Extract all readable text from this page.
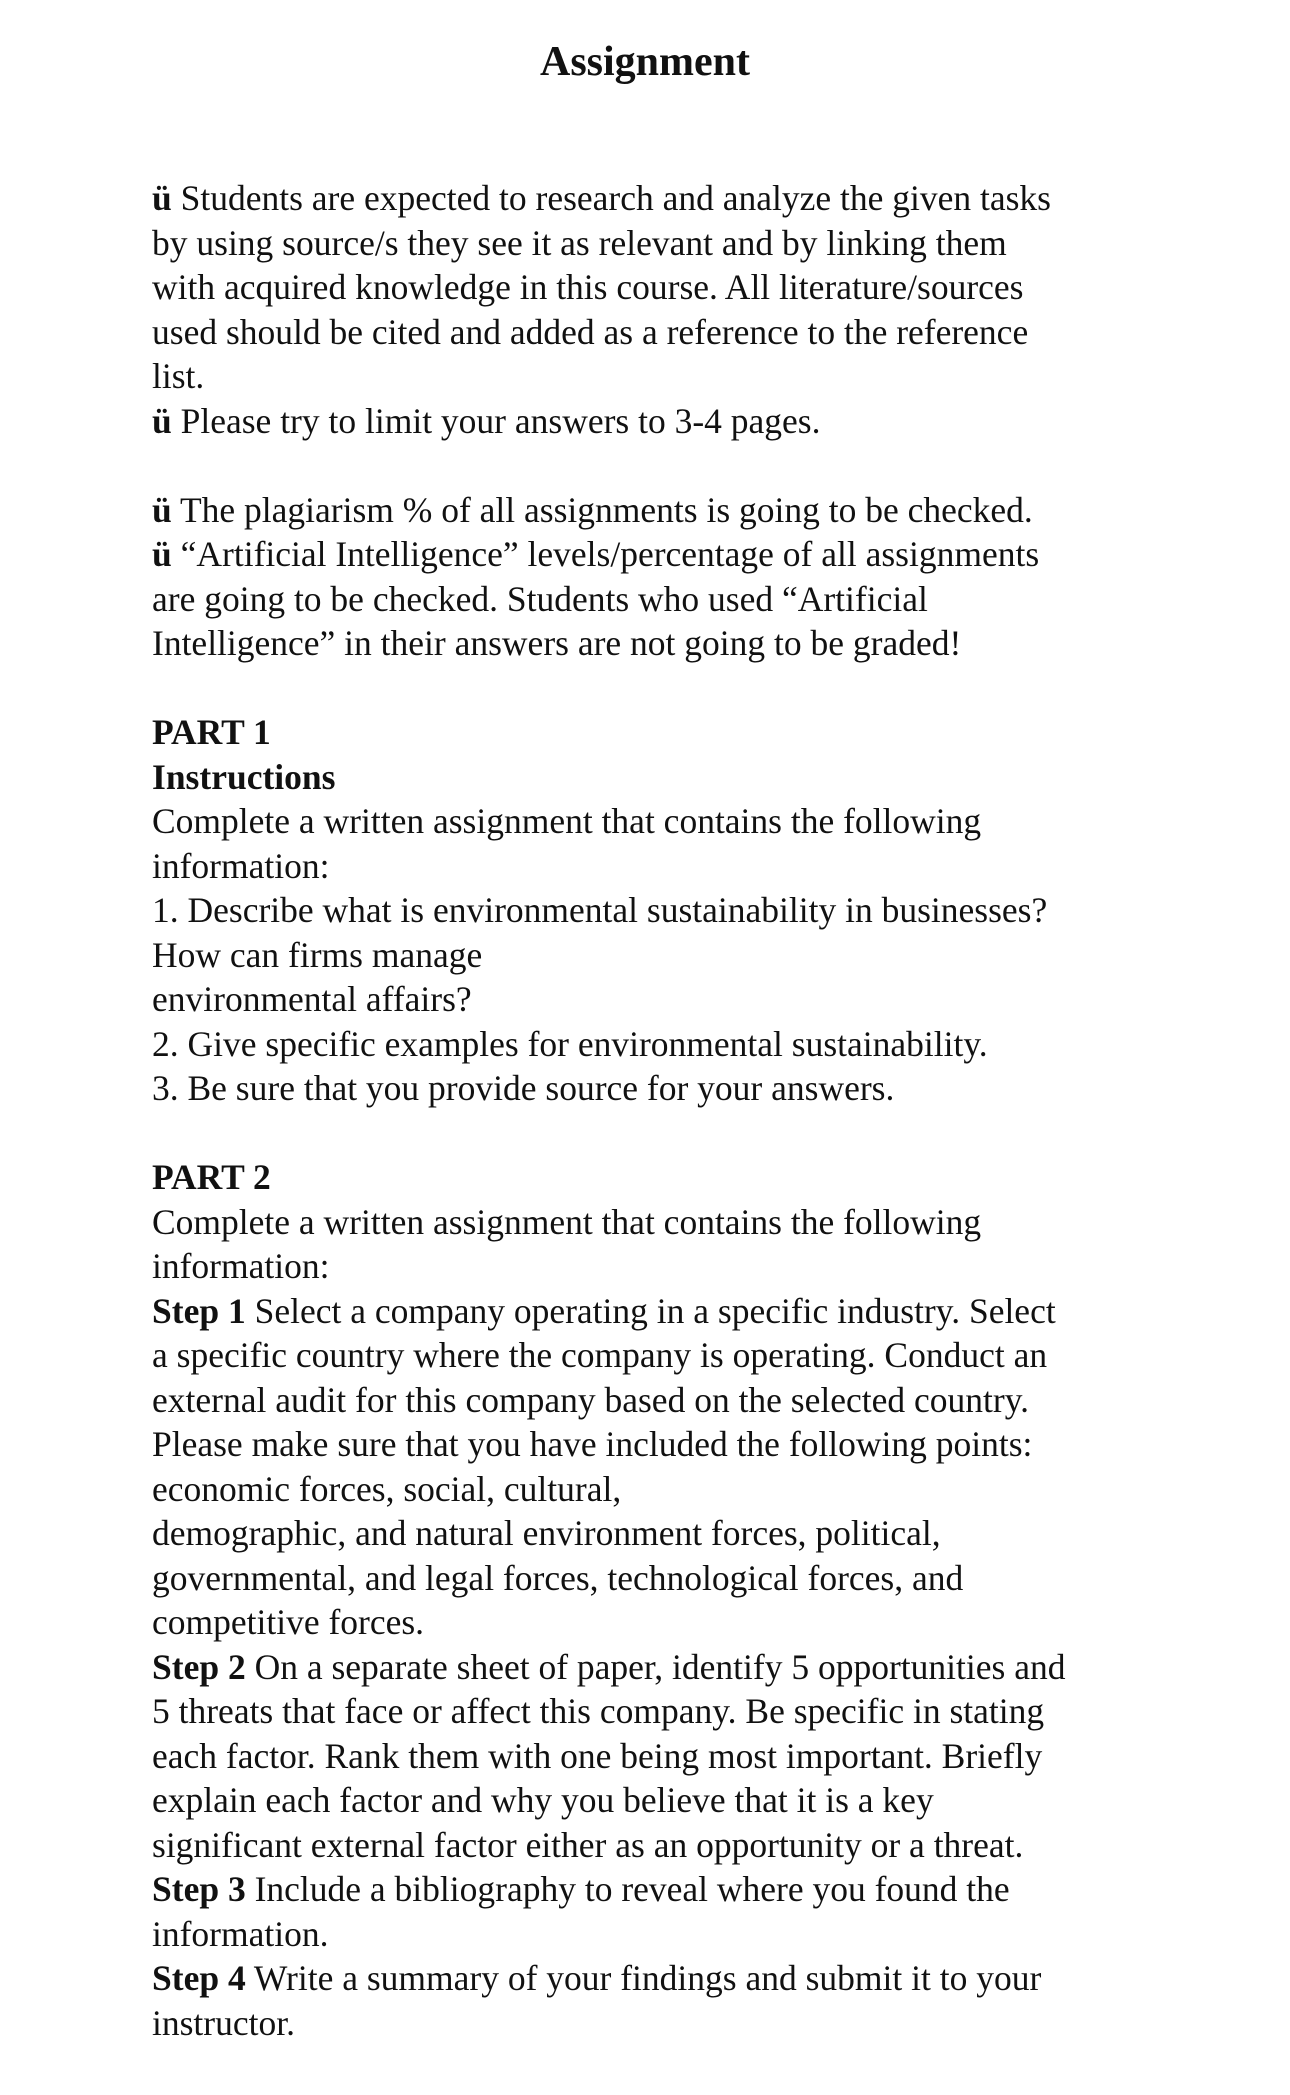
Assignment
ü Students are expected to research and analyze the given tasks
by using source/s they see it as relevant and by linking them
with acquired knowledge in this course. All literature/sources
used should be cited and added as a reference to the reference
list.
ü Please try to limit your answers to 3-4 pages.
ü The plagiarism % of all assignments is going to be checked.
ü “Artificial Intelligence” levels/percentage of all assignments
are going to be checked. Students who used “Artificial
Intelligence” in their answers are not going to be graded!
PART 1
Instructions
Complete a written assignment that contains the following
information:
1. Describe what is environmental sustainability in businesses?
How can firms manage
environmental affairs?
2. Give specific examples for environmental sustainability.
3. Be sure that you provide source for your answers.
PART 2
Complete a written assignment that contains the following
information:
Step 1 Select a company operating in a specific industry. Select
a specific country where the company is operating. Conduct an
external audit for this company based on the selected country.
Please make sure that you have included the following points:
economic forces, social, cultural,
demographic, and natural environment forces, political,
governmental, and legal forces, technological forces, and
competitive forces.
Step 2 On a separate sheet of paper, identify 5 opportunities and
5 threats that face or affect this company. Be specific in stating
each factor. Rank them with one being most important. Briefly
explain each factor and why you believe that it is a key
significant external factor either as an opportunity or a threat.
Step 3 Include a bibliography to reveal where you found the
information.
Step 4 Write a summary of your findings and submit it to your
instructor.
